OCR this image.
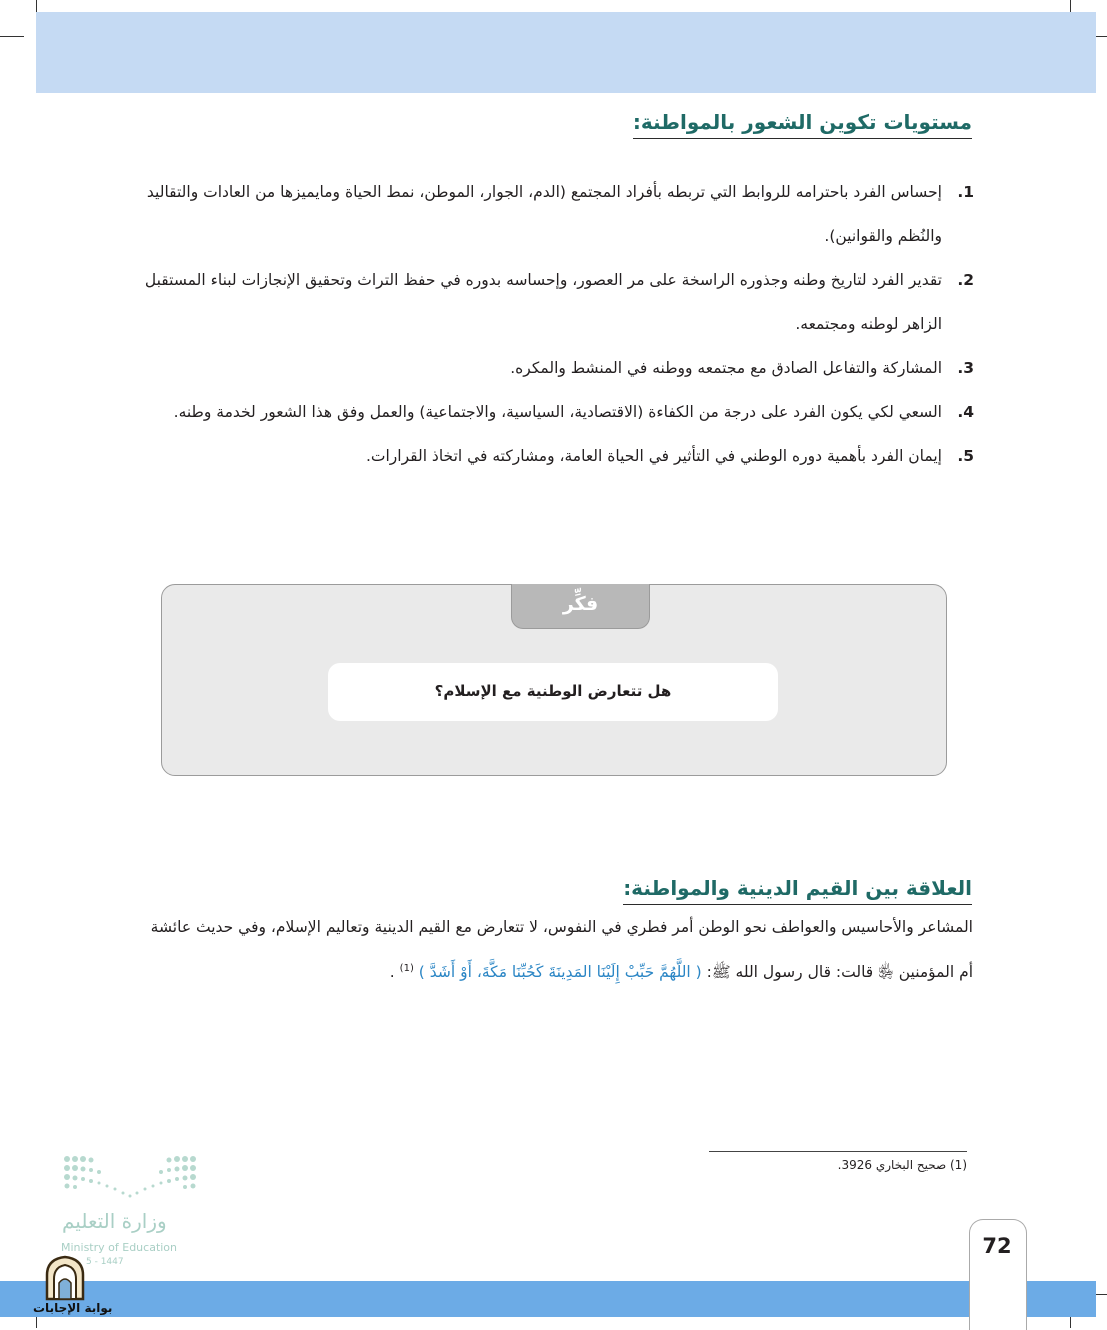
مستويات تكوين الشعور بالمواطنة:
1.
إحساس الفرد باحترامه للروابط التي تربطه بأفراد المجتمع (الدم، الجوار، الموطن، نمط الحياة ومايميزها من العادات والتقاليد والنُظم والقوانين).
2.
تقدير الفرد لتاريخ وطنه وجذوره الراسخة على مر العصور، وإحساسه بدوره في حفظ التراث وتحقيق الإنجازات لبناء المستقبل الزاهر لوطنه ومجتمعه.
3.
المشاركة والتفاعل الصادق مع مجتمعه ووطنه في المنشط والمكره.
4.
السعي لكي يكون الفرد على درجة من الكفاءة (الاقتصادية، السياسية، والاجتماعية) والعمل وفق هذا الشعور لخدمة وطنه.
5.
إيمان الفرد بأهمية دوره الوطني في التأثير في الحياة العامة، ومشاركته في اتخاذ القرارات.
فكِّر
هل تتعارض الوطنية مع الإسلام؟
العلاقة بين القيم الدينية والمواطنة:
المشاعر والأحاسيس والعواطف نحو الوطن أمر فطري في النفوس، لا تتعارض مع القيم الدينية وتعاليم الإسلام، وفي حديث عائشة أم المؤمنين ﵂ قالت: قال رسول الله ﷺ: ( اللَّهُمَّ حَبِّبْ إِلَيْنَا المَدِينَةَ كَحُبِّنَا مَكَّةَ، أَوْ أَشَدَّ ) $^{(1)}$ .
(1) صحيح البخاري 3926.
72
وزارة التعليم
Ministry of Education
5 - 1447
بوابة الإجابات
